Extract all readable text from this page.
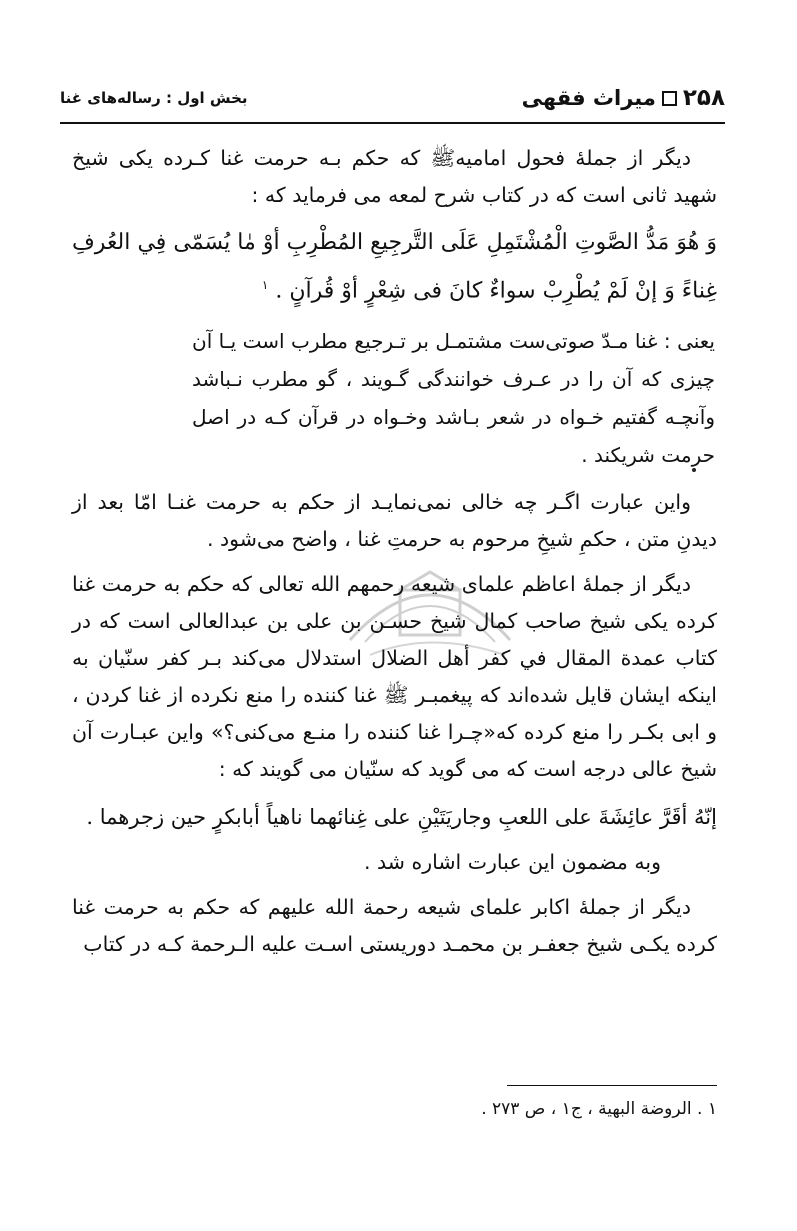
۲۵۸
میراث فقهی
بخش اول : رساله‌های غنا

دیگر از جملهٔ فحول امامیه‌ﷺ که حکم بـه حرمت غنا کـرده یکی شیخ شهید ثانی است که در کتاب شرح لمعه می فرماید که :

وَ هُوَ مَدُّ الصَّوتِ الْمُشْتَمِلِ عَلَی التَّرجِیعِ المُطْرِبِ أوْ مٰا یُسَمّی فِي العُرفِ غِناءً وَ إنْ لَمْ یُطْرِبْ سواءٌ کانَ فی شِعْرٍ أوْ قُرآنٍ . $^۱$

یعنی : غنا مـدّ صوتی‌ست مشتمـل بر تـرجیع مطرب است یـا آن چیزی که آن را در عـرف خوانندگی گـویند ، گو مطرب نـباشد وآنچـه گفتیم خـواه در شعر بـاشد وخـواه در قرآن کـه در اصل حرمت شریکند .

واین عبارت اگـر چه خالی نمی‌نمایـد از حکم به حرمت غنـا امّا بعد از دیدنِ متن ، حکمِ شیخِ مرحوم به حرمتِ غنا ، واضح می‌شود .

دیگر از جملهٔ اعاظم علمای شیعه رحمهم الله تعالی که حکم به حرمت غنا کرده یکی شیخ صاحب کمال شیخ حسـن بن علی بن عبدالعالی است که در کتاب عمدة المقال في کفر أهل الضلال استدلال می‌کند بـر کفر سنّیان به اینکه ایشان قایل شده‌اند که پیغمبـر ﷺ غنا کننده را منع نکرده از غنا کردن ، و ابی بکـر را منع کرده که«چـرا غنا کننده را منـع می‌کنی؟» واین عبـارت آن شیخ عالی درجه است که می گوید که سنّیان می گویند که :

إنّهُ أقَرَّ عائِشَةَ علی اللعبِ وجاریَتَیْنِ علی غِنائهما ناهیاً أبابکرٍ حین زجرهما .

وبه مضمون این عبارت اشاره شد .

دیگر از جملهٔ اکابر علمای شیعه رحمة الله علیهم که حکم به حرمت غنا کرده یکـی شیخ جعفـر بن محمـد دوریستی اسـت علیه الـرحمة کـه در کتاب

۱ . الروضة البهیة ، ج۱ ، ص ۲۷۳ .
